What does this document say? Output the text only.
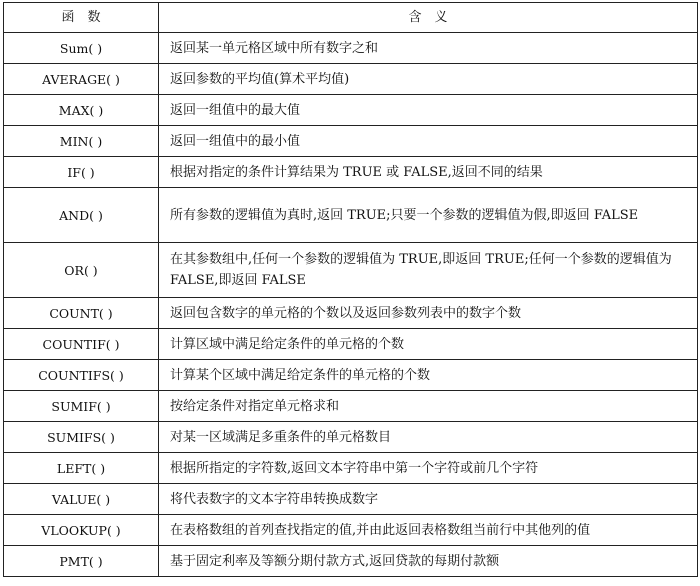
函　数	含　义
Sum( )	返回某一单元格区域中所有数字之和
AVERAGE( )	返回参数的平均值(算术平均值)
MAX( )	返回一组值中的最大值
MIN( )	返回一组值中的最小值
IF( )	根据对指定的条件计算结果为 TRUE 或 FALSE,返回不同的结果
AND( )	所有参数的逻辑值为真时,返回 TRUE;只要一个参数的逻辑值为假,即返回 FALSE
OR( )	在其参数组中,任何一个参数的逻辑值为 TRUE,即返回 TRUE;任何一个参数的逻辑值为 FALSE,即返回 FALSE
COUNT( )	返回包含数字的单元格的个数以及返回参数列表中的数字个数
COUNTIF( )	计算区域中满足给定条件的单元格的个数
COUNTIFS( )	计算某个区域中满足给定条件的单元格的个数
SUMIF( )	按给定条件对指定单元格求和
SUMIFS( )	对某一区域满足多重条件的单元格数目
LEFT( )	根据所指定的字符数,返回文本字符串中第一个字符或前几个字符
VALUE( )	将代表数字的文本字符串转换成数字
VLOOKUP( )	在表格数组的首列查找指定的值,并由此返回表格数组当前行中其他列的值
PMT( )	基于固定利率及等额分期付款方式,返回贷款的每期付款额
